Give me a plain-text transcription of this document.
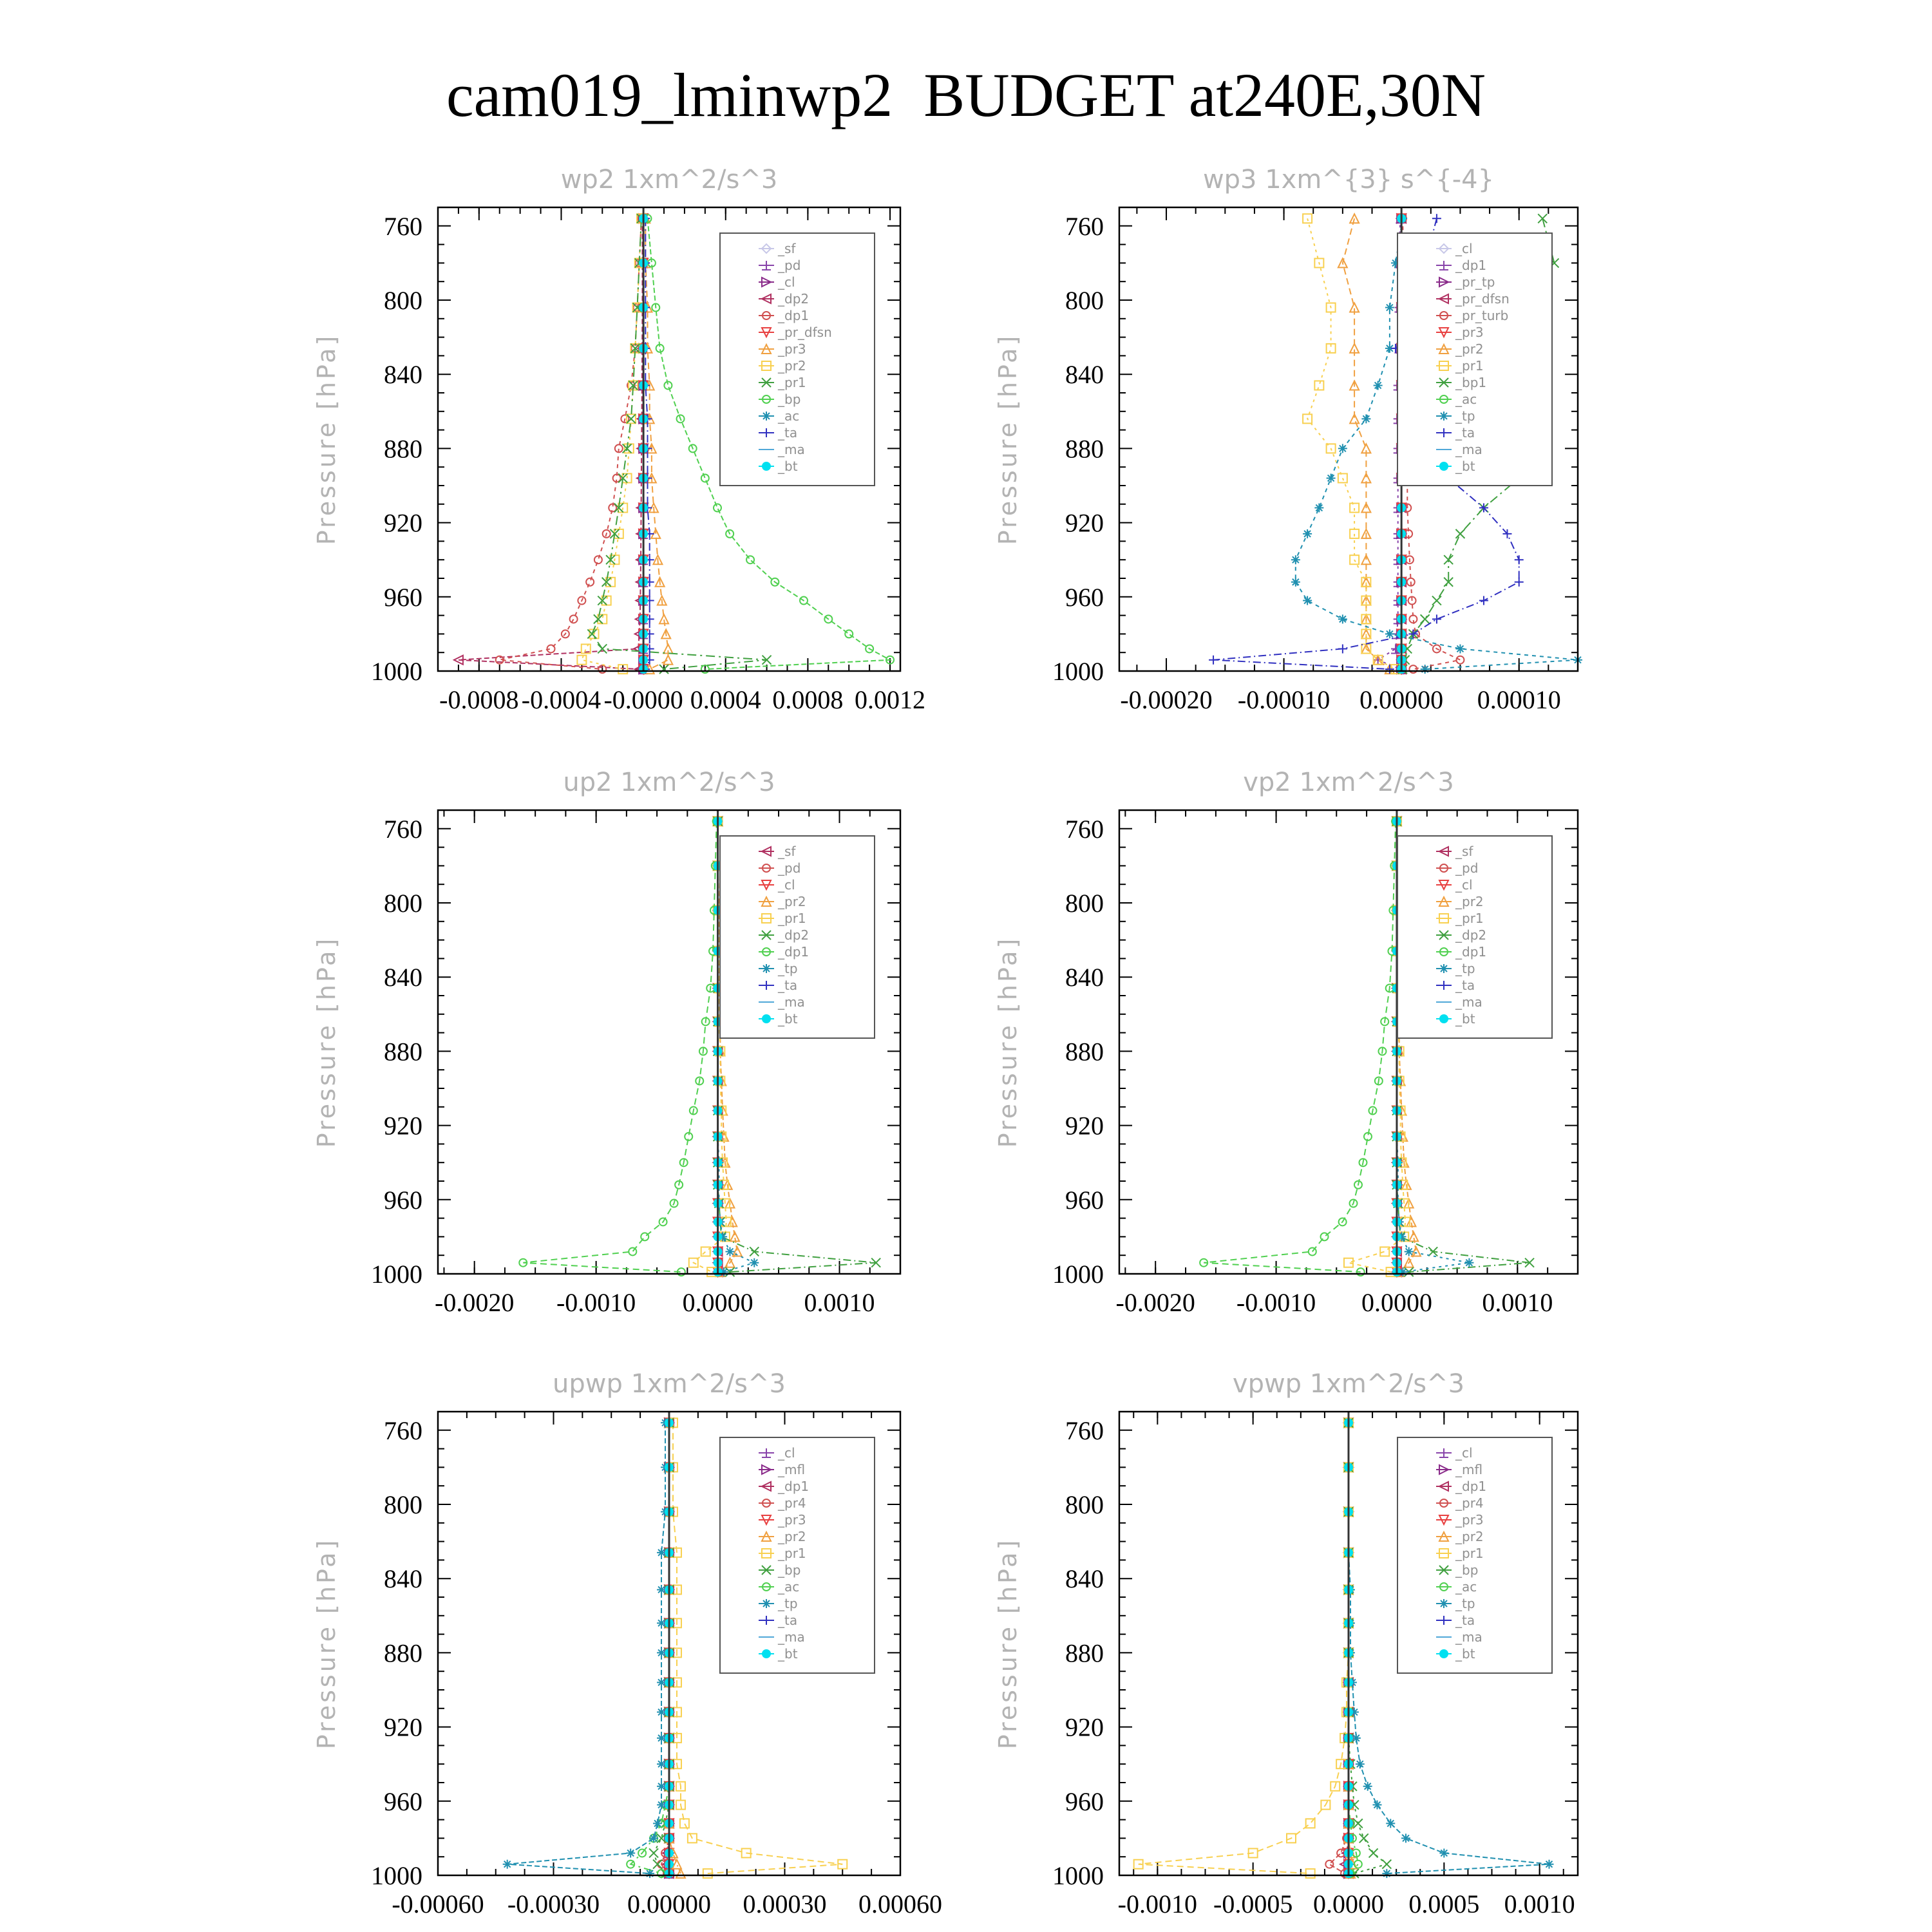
cam019_lminwp2  BUDGET at240E,30N
wp2 1xm^2/s^3
Pressure [hPa]
760
800
840
880
920
960
1000
-0.0008 -0.0004 -0.0000 0.0004 0.0008 0.0012
_sf
_pd
_cl
_dp2
_dp1
_pr_dfsn
_pr3
_pr2
_pr1
_bp
_ac
_ta
_ma
_bt
wp3 1xm^{3} s^{-4}
Pressure [hPa]
760
800
840
880
920
960
1000
-0.00020 -0.00010 0.00000 0.00010
_cl
_dp1
_pr_tp
_pr_dfsn
_pr_turb
_pr3
_pr2
_pr1
_bp1
_ac
_tp
_ta
_ma
_bt
up2 1xm^2/s^3
Pressure [hPa]
760
800
840
880
920
960
1000
-0.0020 -0.0010 0.0000 0.0010
_sf
_pd
_cl
_pr2
_pr1
_dp2
_dp1
_tp
_ta
_ma
_bt
vp2 1xm^2/s^3
Pressure [hPa]
760
800
840
880
920
960
1000
-0.0020 -0.0010 0.0000 0.0010
_sf
_pd
_cl
_pr2
_pr1
_dp2
_dp1
_tp
_ta
_ma
_bt
upwp 1xm^2/s^3
Pressure [hPa]
760
800
840
880
920
960
1000
-0.00060 -0.00030 0.00000 0.00030 0.00060
_cl
_mfl
_dp1
_pr4
_pr3
_pr2
_pr1
_bp
_ac
_tp
_ta
_ma
_bt
vpwp 1xm^2/s^3
Pressure [hPa]
760
800
840
880
920
960
1000
-0.0010 -0.0005 0.0000 0.0005 0.0010
_cl
_mfl
_dp1
_pr4
_pr3
_pr2
_pr1
_bp
_ac
_tp
_ta
_ma
_bt
